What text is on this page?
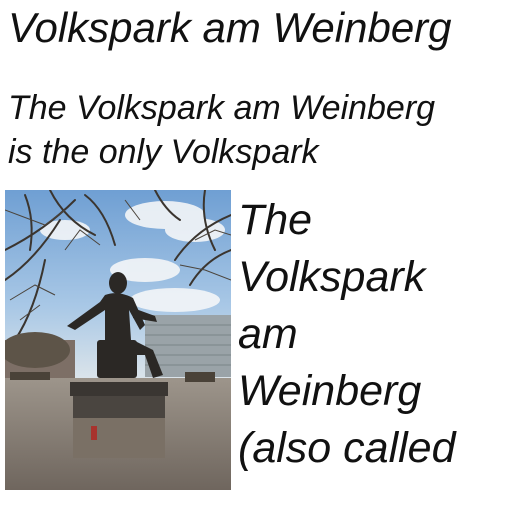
Volkspark am Weinberg

The Volkspark am Weinberg
is the only Volkspark

The
Volkspark
am
Weinberg
(also called
